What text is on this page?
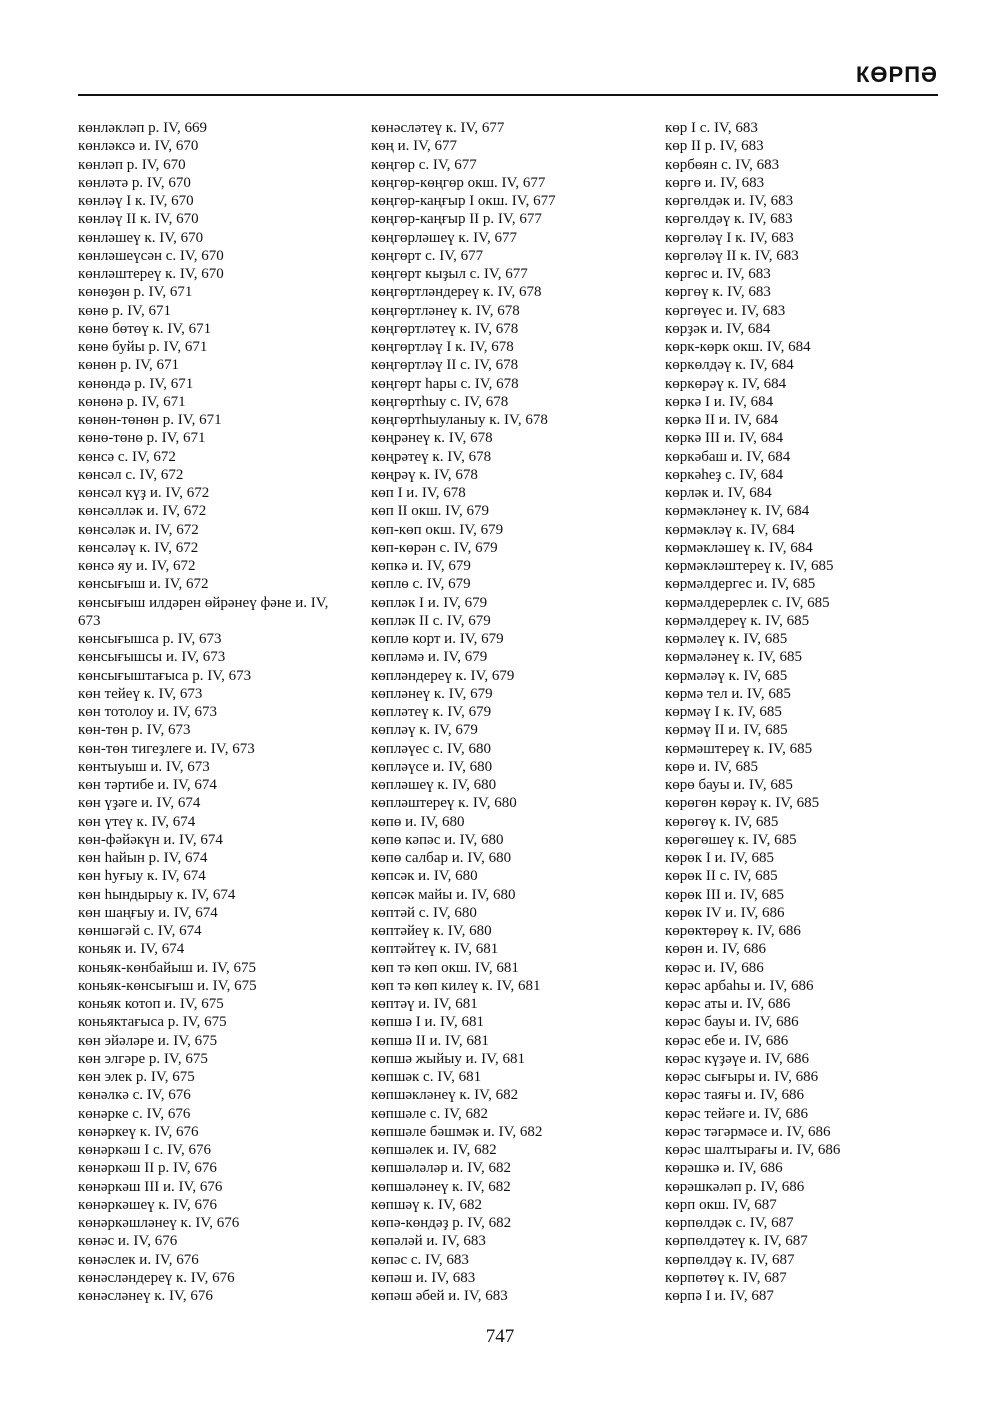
КӨРПӘ
көнләкләп р. IV, 669
көнләксә и. IV, 670
көнләп р. IV, 670
көнләтә р. IV, 670
көнләү I к. IV, 670
көнләү II к. IV, 670
көнләшеү к. IV, 670
көнләшеүсән с. IV, 670
көнләштереү к. IV, 670
көнөҙөн р. IV, 671
көнө р. IV, 671
көнө бөтөү к. IV, 671
көнө буйы р. IV, 671
көнөн р. IV, 671
көнөндә р. IV, 671
көнөнә р. IV, 671
көнөн-төнөн р. IV, 671
көнө-төнө р. IV, 671
көнсә с. IV, 672
көнсәл с. IV, 672
көнсәл күҙ и. IV, 672
көнсәлләк и. IV, 672
көнсәләк и. IV, 672
көнсәләү к. IV, 672
көнсә яу и. IV, 672
көнсығыш и. IV, 672
көнсығыш илдәрен өйрәнеү фәне и. IV, 673
көнсығышса р. IV, 673
көнсығышсы и. IV, 673
көнсығыштағыса р. IV, 673
көн тейеү к. IV, 673
көн тотолоу и. IV, 673
көн-төн р. IV, 673
көн-төн тигеҙлеге и. IV, 673
көнтыуыш и. IV, 673
көн тәртибе и. IV, 674
көн үҙәге и. IV, 674
көн үтеү к. IV, 674
көн-фәйәкүн и. IV, 674
көн һайын р. IV, 674
көн һуғыу к. IV, 674
көн һындырыу к. IV, 674
көн шаңғыу и. IV, 674
көншәгәй с. IV, 674
коньяк и. IV, 674
коньяк-көнбайыш и. IV, 675
коньяк-көнсығыш и. IV, 675
коньяк котоп и. IV, 675
коньяктағыса р. IV, 675
көн эйәләре и. IV, 675
көн элгәре р. IV, 675
көн элек р. IV, 675
көнәлкә с. IV, 676
көнәрке с. IV, 676
көнәркеү к. IV, 676
көнәркәш I с. IV, 676
көнәркәш II р. IV, 676
көнәркәш III и. IV, 676
көнәркәшеү к. IV, 676
көнәркәшләнеү к. IV, 676
көнәс и. IV, 676
көнәслек и. IV, 676
көнәсләндереү к. IV, 676
көнәсләнеү к. IV, 676
көнәсләтеү к. IV, 677
көң и. IV, 677
көңгөр с. IV, 677
көңгөр-көңгөр окш. IV, 677
көңгөр-каңғыр I окш. IV, 677
көңгөр-каңғыр II р. IV, 677
көңгөрләшеү к. IV, 677
көңгөрт с. IV, 677
көңгөрт кыҙыл с. IV, 677
көңгөртләндереү к. IV, 678
көңгөртләнеү к. IV, 678
көңгөртләтеү к. IV, 678
көңгөртләү I к. IV, 678
көңгөртләү II с. IV, 678
көңгөрт һары с. IV, 678
көңгөртһыу с. IV, 678
көңгөртһыуланыу к. IV, 678
көңрәнеү к. IV, 678
көңрәтеү к. IV, 678
көңрәү к. IV, 678
көп I и. IV, 678
көп II окш. IV, 679
көп-көп окш. IV, 679
көп-көрән с. IV, 679
көпкә и. IV, 679
көплө с. IV, 679
көпләк I и. IV, 679
көпләк II с. IV, 679
көплө корт и. IV, 679
көпләмә и. IV, 679
көпләндереү к. IV, 679
көпләнеү к. IV, 679
көпләтеү к. IV, 679
көпләү к. IV, 679
көпләүес с. IV, 680
көпләүсе и. IV, 680
көпләшеү к. IV, 680
көпләштереү к. IV, 680
көпө и. IV, 680
көпө кәпәс и. IV, 680
көпө салбар и. IV, 680
көпсәк и. IV, 680
көпсәк майы и. IV, 680
көптәй с. IV, 680
көптәйеү к. IV, 680
көптәйтеү к. IV, 681
көп тә көп окш. IV, 681
көп тә көп килеү к. IV, 681
көптәү и. IV, 681
көпшә I и. IV, 681
көпшә II и. IV, 681
көпшә жыйыу и. IV, 681
көпшәк с. IV, 681
көпшәкләнеү к. IV, 682
көпшәле с. IV, 682
көпшәле бәшмәк и. IV, 682
көпшәлек и. IV, 682
көпшәләләр и. IV, 682
көпшәләнеү к. IV, 682
көпшәү к. IV, 682
көпә-көндәҙ р. IV, 682
көпәләй и. IV, 683
көпәс с. IV, 683
көпәш и. IV, 683
көпәш әбей и. IV, 683
көр I с. IV, 683
көр II р. IV, 683
көрбөян с. IV, 683
көргө и. IV, 683
көргөлдәк и. IV, 683
көргөлдәү к. IV, 683
көргөләү I к. IV, 683
көргөләү II к. IV, 683
көргөс и. IV, 683
көргөү к. IV, 683
көргөүес и. IV, 683
көрҙәк и. IV, 684
көрк-көрк окш. IV, 684
көркөлдәү к. IV, 684
көркөрәү к. IV, 684
көркә I и. IV, 684
көркә II и. IV, 684
көркә III и. IV, 684
көркәбаш и. IV, 684
көркәһеҙ с. IV, 684
көрләк и. IV, 684
көрмәкләнеү к. IV, 684
көрмәкләү к. IV, 684
көрмәкләшеү к. IV, 684
көрмәкләштереү к. IV, 685
көрмәлдергес и. IV, 685
көрмәлдерерлек с. IV, 685
көрмәлдереү к. IV, 685
көрмәлеү к. IV, 685
көрмәләнеү к. IV, 685
көрмәләү к. IV, 685
көрмә тел и. IV, 685
көрмәү I к. IV, 685
көрмәү II и. IV, 685
көрмәштереү к. IV, 685
көрө и. IV, 685
көрө бауы и. IV, 685
көрөгөн көрәү к. IV, 685
көрөгөү к. IV, 685
көрөгөшеү к. IV, 685
көрөк I и. IV, 685
көрөк II с. IV, 685
көрөк III и. IV, 685
көрөк IV и. IV, 686
көрөктөрөү к. IV, 686
көрөн и. IV, 686
көрәс и. IV, 686
көрәс арбаһы и. IV, 686
көрәс аты и. IV, 686
көрәс бауы и. IV, 686
көрәс ебе и. IV, 686
көрәс күҙәүе и. IV, 686
көрәс сығыры и. IV, 686
көрәс таяғы и. IV, 686
көрәс тейәге и. IV, 686
көрәс тәгәрмәсе и. IV, 686
көрәс шалтырағы и. IV, 686
көрәшкә и. IV, 686
көрәшкәләп р. IV, 686
көрп окш. IV, 687
көрпөлдәк с. IV, 687
көрпөлдәтеү к. IV, 687
көрпөлдәү к. IV, 687
көрпөтөү к. IV, 687
көрпә I и. IV, 687
747
